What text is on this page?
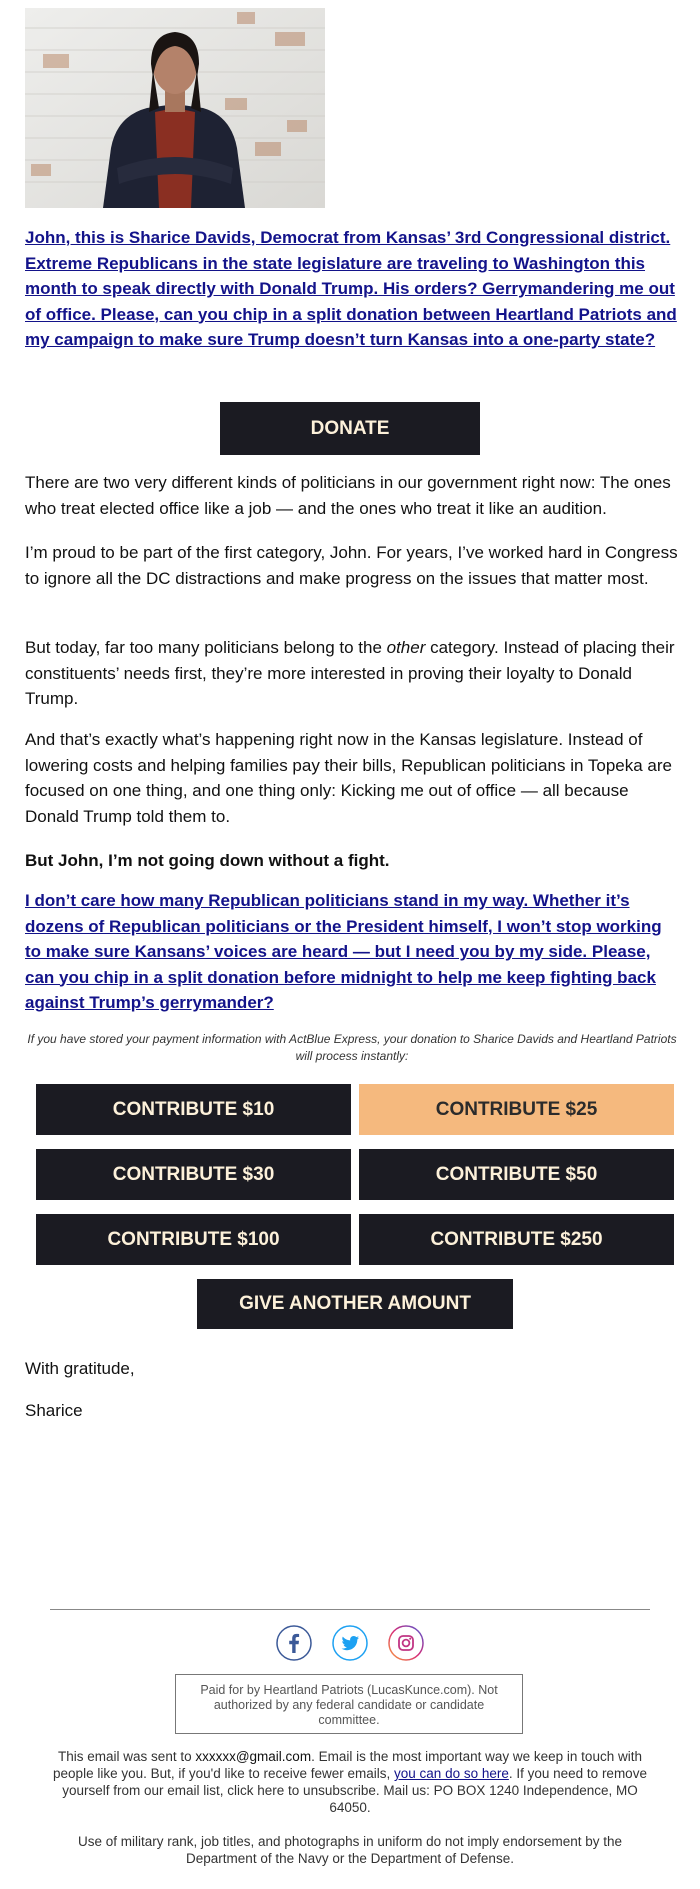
John, this is Sharice Davids, Democrat from Kansas’ 3rd Congressional district. Extreme Republicans in the state legislature are traveling to Washington this month to speak directly with Donald Trump. His orders? Gerrymandering me out of office. Please, can you chip in a split donation between Heartland Patriots and my campaign to make sure Trump doesn’t turn Kansas into a one-party state?

DONATE

There are two very different kinds of politicians in our government right now: The ones who treat elected office like a job — and the ones who treat it like an audition.

I’m proud to be part of the first category, John. For years, I’ve worked hard in Congress to ignore all the DC distractions and make progress on the issues that matter most.

But today, far too many politicians belong to the other category. Instead of placing their constituents’ needs first, they’re more interested in proving their loyalty to Donald Trump.

And that’s exactly what’s happening right now in the Kansas legislature. Instead of lowering costs and helping families pay their bills, Republican politicians in Topeka are focused on one thing, and one thing only: Kicking me out of office — all because Donald Trump told them to.

But John, I’m not going down without a fight.

I don’t care how many Republican politicians stand in my way. Whether it’s dozens of Republican politicians or the President himself, I won’t stop working to make sure Kansans’ voices are heard — but I need you by my side. Please, can you chip in a split donation before midnight to help me keep fighting back against Trump’s gerrymander?

If you have stored your payment information with ActBlue Express, your donation to Sharice Davids and Heartland Patriots will process instantly:

CONTRIBUTE $10	CONTRIBUTE $25
CONTRIBUTE $30	CONTRIBUTE $50
CONTRIBUTE $100	CONTRIBUTE $250
GIVE ANOTHER AMOUNT

With gratitude,

Sharice

Paid for by Heartland Patriots (LucasKunce.com). Not authorized by any federal candidate or candidate committee.

This email was sent to xxxxxx@gmail.com. Email is the most important way we keep in touch with people like you. But, if you'd like to receive fewer emails, you can do so here. If you need to remove yourself from our email list, click here to unsubscribe. Mail us: PO BOX 1240 Independence, MO 64050.

Use of military rank, job titles, and photographs in uniform do not imply endorsement by the Department of the Navy or the Department of Defense.
